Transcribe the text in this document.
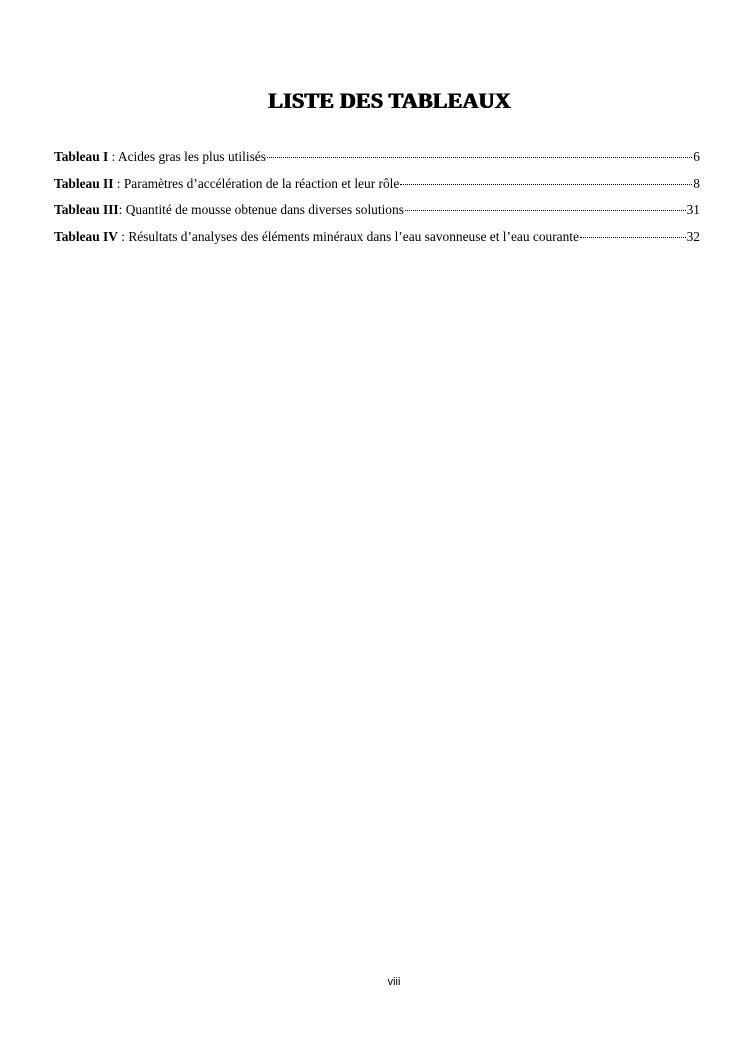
LISTE DES TABLEAUX
Tableau I : Acides gras les plus utilisés	6
Tableau II : Paramètres d’accélération de la réaction et leur rôle	8
Tableau III: Quantité de mousse obtenue dans diverses solutions	31
Tableau IV : Résultats d’analyses des éléments minéraux dans l’eau savonneuse et l’eau courante	32
viii
